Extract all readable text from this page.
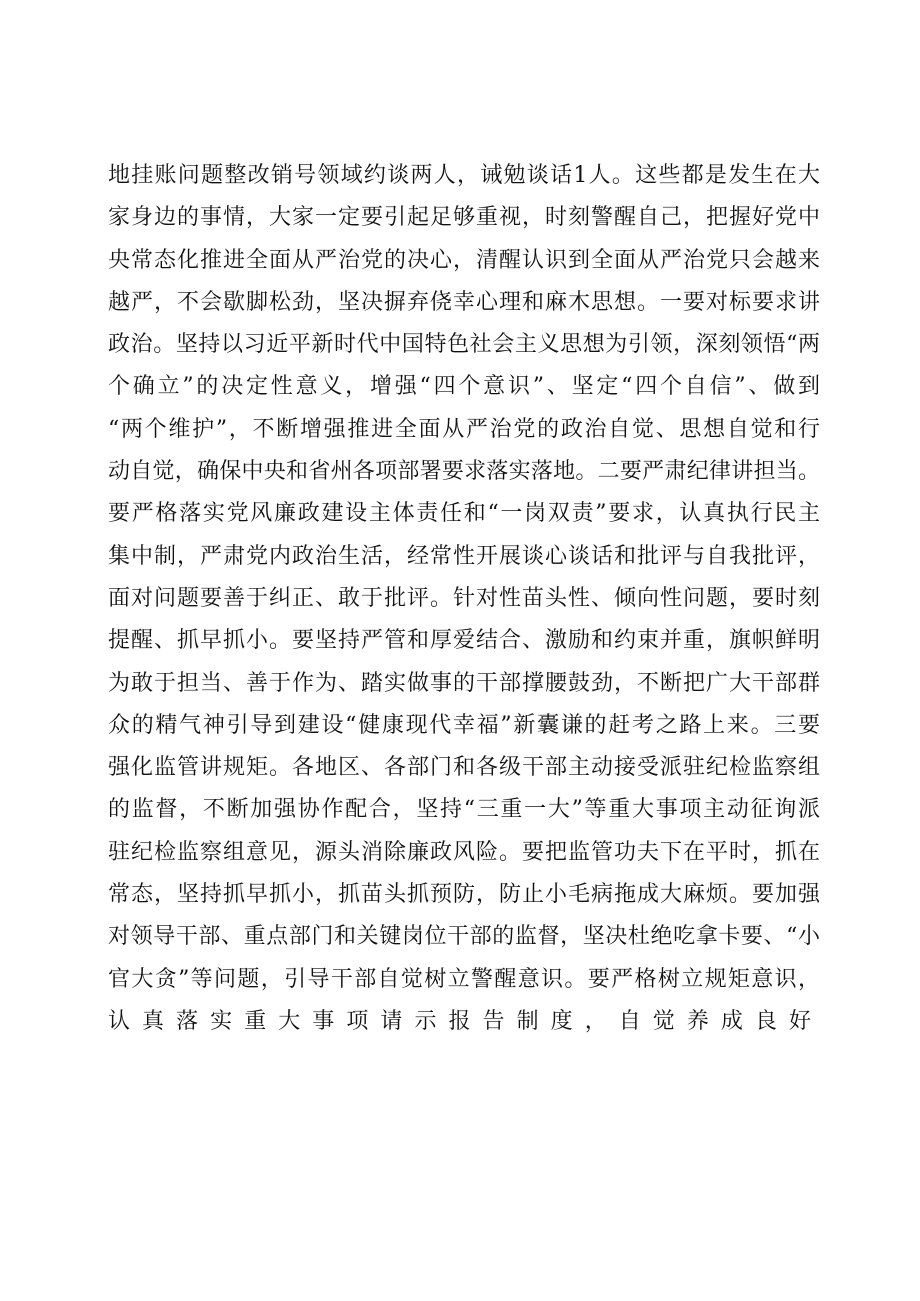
地挂账问题整改销号领域约谈两人，诫勉谈话1人。这些都是发生在大
家身边的事情，大家一定要引起足够重视，时刻警醒自己，把握好党中
央常态化推进全面从严治党的决心，清醒认识到全面从严治党只会越来
越严，不会歇脚松劲，坚决摒弃侥幸心理和麻木思想。一要对标要求讲
政治。坚持以习近平新时代中国特色社会主义思想为引领，深刻领悟“两
个确立”的决定性意义，增强“四个意识”、坚定“四个自信”、做到
“两个维护”，不断增强推进全面从严治党的政治自觉、思想自觉和行
动自觉，确保中央和省州各项部署要求落实落地。二要严肃纪律讲担当。
要严格落实党风廉政建设主体责任和“一岗双责”要求，认真执行民主
集中制，严肃党内政治生活，经常性开展谈心谈话和批评与自我批评，
面对问题要善于纠正、敢于批评。针对性苗头性、倾向性问题，要时刻
提醒、抓早抓小。要坚持严管和厚爱结合、激励和约束并重，旗帜鲜明
为敢于担当、善于作为、踏实做事的干部撑腰鼓劲，不断把广大干部群
众的精气神引导到建设“健康现代幸福”新囊谦的赶考之路上来。三要
强化监管讲规矩。各地区、各部门和各级干部主动接受派驻纪检监察组
的监督，不断加强协作配合，坚持“三重一大”等重大事项主动征询派
驻纪检监察组意见，源头消除廉政风险。要把监管功夫下在平时，抓在
常态，坚持抓早抓小，抓苗头抓预防，防止小毛病拖成大麻烦。要加强
对领导干部、重点部门和关键岗位干部的监督，坚决杜绝吃拿卡要、“小
官大贪”等问题，引导干部自觉树立警醒意识。要严格树立规矩意识，
认真落实重大事项请示报告制度，自觉养成良好
